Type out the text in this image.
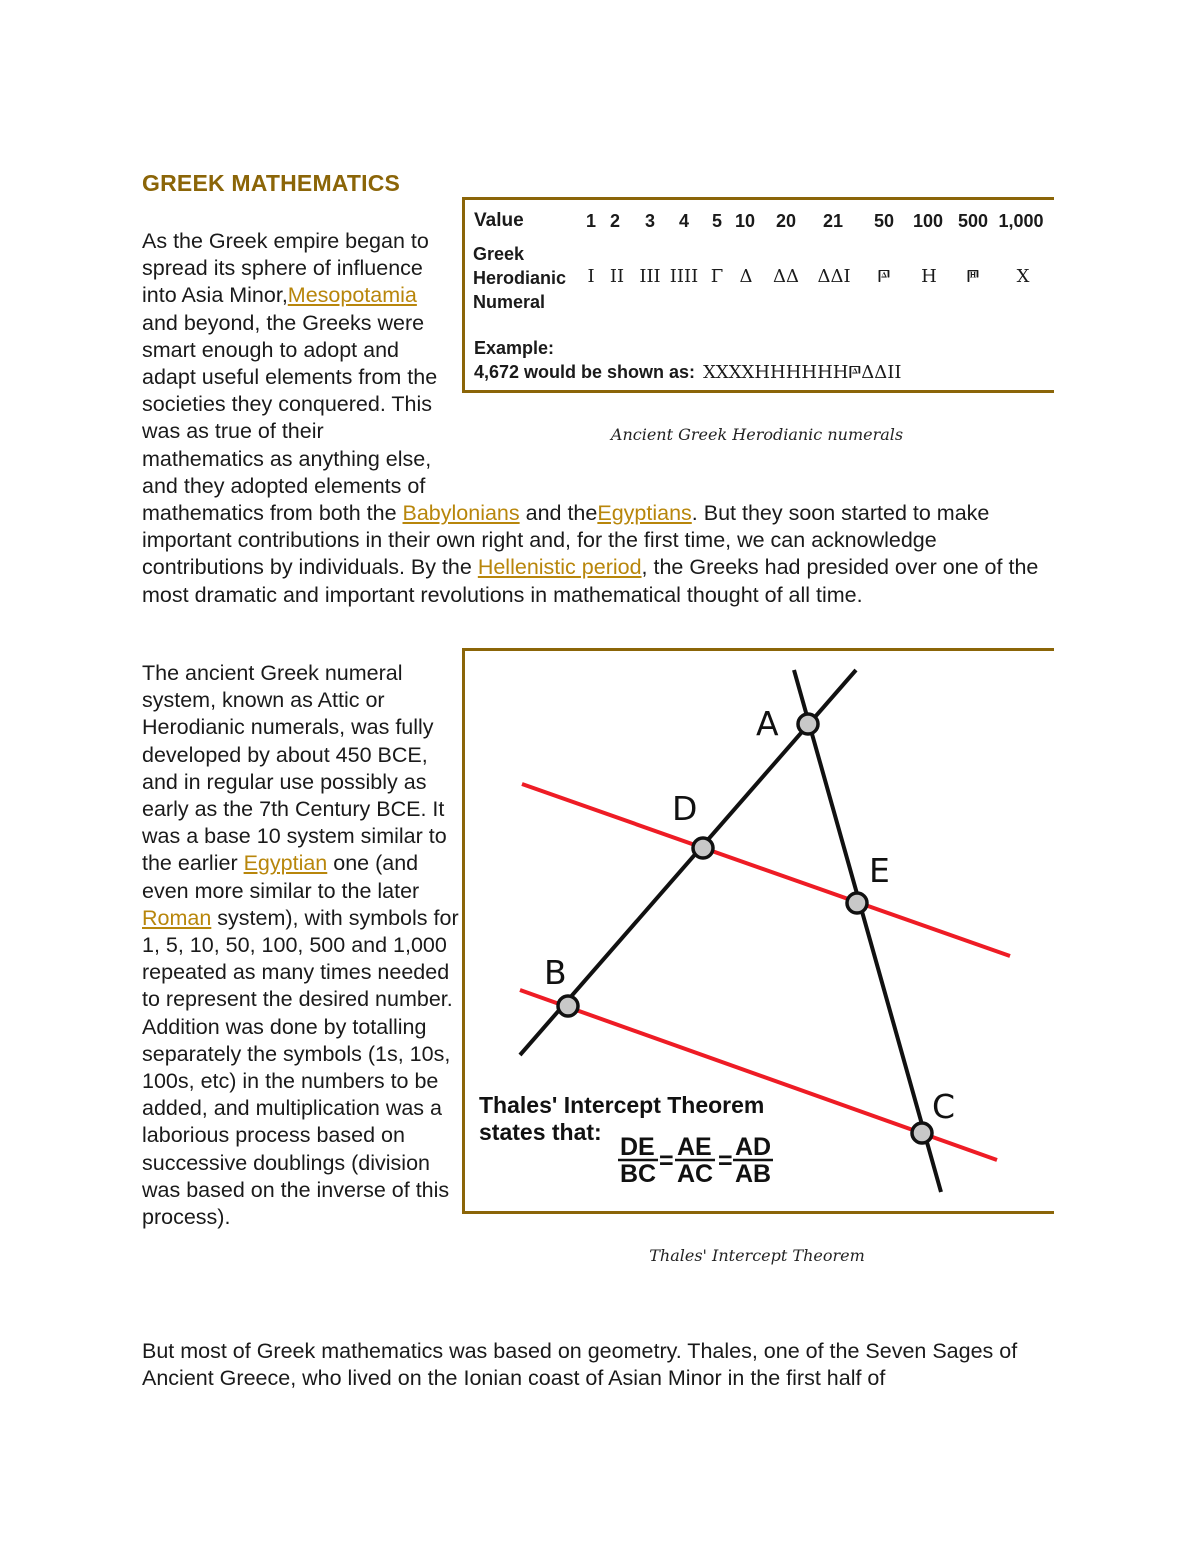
GREEK MATHEMATICS
Value	1 2 3 4 5 10 20 21 50 100 500 1,000
Greek
Herodianic
Numeral
Ι ΙΙ ΙΙΙ ΙΙΙΙ Γ Δ ΔΔ ΔΔΙ 𐅄 Η 𐅅 Χ
Example:
4,672 would be shown as: ΧΧΧΧΗΗΗΗΗΗ𐅄ΔΔΙΙ
Ancient Greek Herodianic numerals
As the Greek empire began to spread its sphere of influence into Asia Minor,Mesopotamia and beyond, the Greeks were smart enough to adopt and adapt useful elements from the societies they conquered. This was as true of their mathematics as anything else, and they adopted elements of mathematics from both the Babylonians and theEgyptians. But they soon started to make important contributions in their own right and, for the first time, we can acknowledge contributions by individuals. By the Hellenistic period, the Greeks had presided over one of the most dramatic and important revolutions in mathematical thought of all time.
The ancient Greek numeral system, known as Attic or Herodianic numerals, was fully developed by about 450 BCE, and in regular use possibly as early as the 7th Century BCE. It was a base 10 system similar to the earlier Egyptian one (and even more similar to the later Roman system), with symbols for 1, 5, 10, 50, 100, 500 and 1,000 repeated as many times needed to represent the desired number. Addition was done by totalling separately the symbols (1s, 10s, 100s, etc) in the numbers to be added, and multiplication was a laborious process based on successive doublings (division was based on the inverse of this process).
A
D
E
B
C
Thales' Intercept Theorem
states that:
DE
BC = AE
AC = AD
AB
Thales' Intercept Theorem
But most of Greek mathematics was based on geometry. Thales, one of the Seven Sages of Ancient Greece, who lived on the Ionian coast of Asian Minor in the first half of
